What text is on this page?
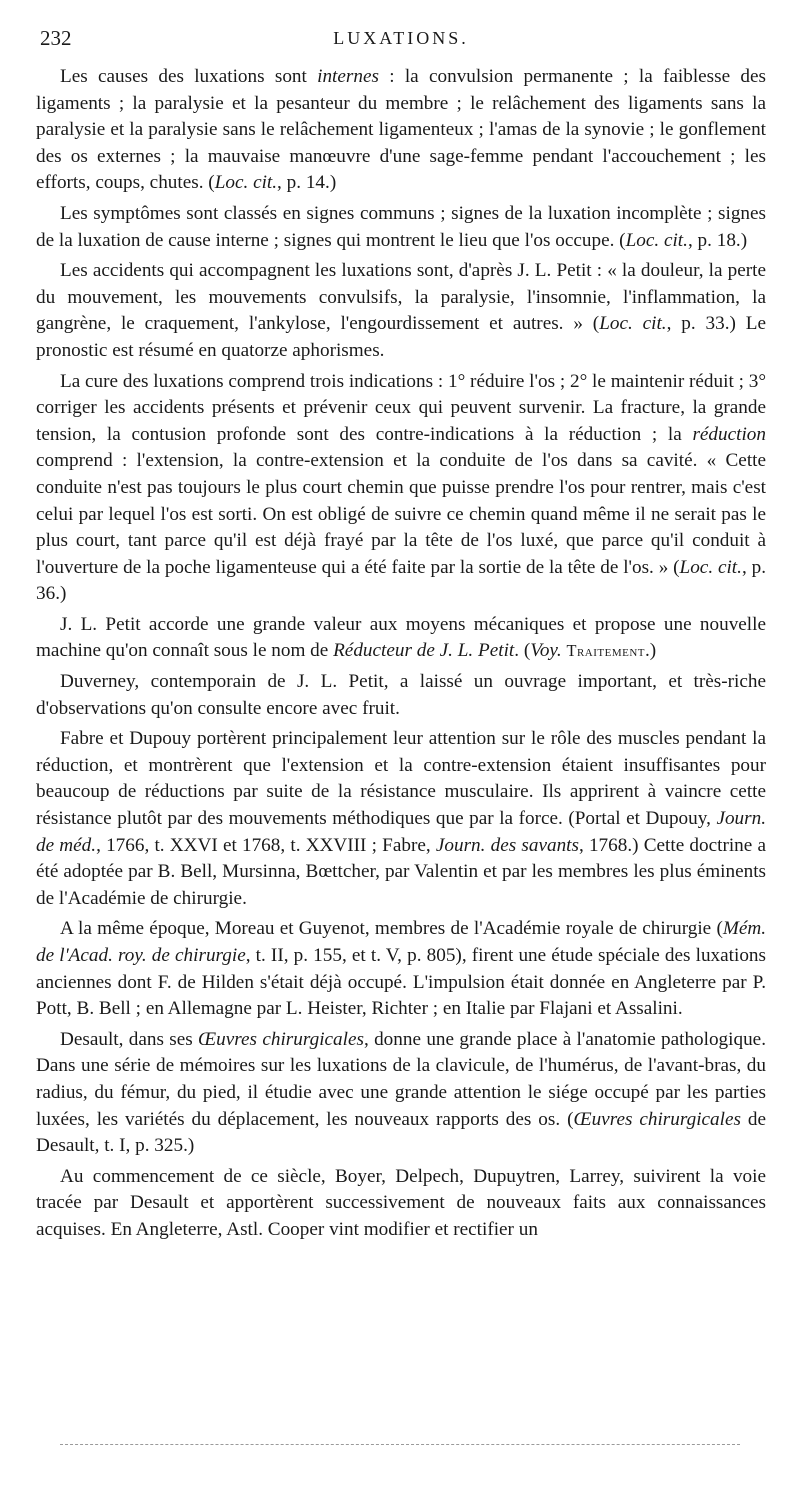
232	LUXATIONS.

Les causes des luxations sont internes : la convulsion permanente ; la faiblesse des ligaments ; la paralysie et la pesanteur du membre ; le relâchement des ligaments sans la paralysie et la paralysie sans le relâchement ligamenteux ; l'amas de la synovie ; le gonflement des os externes ; la mauvaise manœuvre d'une sage-femme pendant l'accouchement ; les efforts, coups, chutes. (Loc. cit., p. 14.)

Les symptômes sont classés en signes communs ; signes de la luxation incomplète ; signes de la luxation de cause interne ; signes qui montrent le lieu que l'os occupe. (Loc. cit., p. 18.)

Les accidents qui accompagnent les luxations sont, d'après J. L. Petit : « la douleur, la perte du mouvement, les mouvements convulsifs, la paralysie, l'insomnie, l'inflammation, la gangrène, le craquement, l'ankylose, l'engourdissement et autres. » (Loc. cit., p. 33.) Le pronostic est résumé en quatorze aphorismes.

La cure des luxations comprend trois indications : 1° réduire l'os ; 2° le maintenir réduit ; 3° corriger les accidents présents et prévenir ceux qui peuvent survenir. La fracture, la grande tension, la contusion profonde sont des contre-indications à la réduction ; la réduction comprend : l'extension, la contre-extension et la conduite de l'os dans sa cavité. « Cette conduite n'est pas toujours le plus court chemin que puisse prendre l'os pour rentrer, mais c'est celui par lequel l'os est sorti. On est obligé de suivre ce chemin quand même il ne serait pas le plus court, tant parce qu'il est déjà frayé par la tête de l'os luxé, que parce qu'il conduit à l'ouverture de la poche ligamenteuse qui a été faite par la sortie de la tête de l'os. » (Loc. cit., p. 36.)

J. L. Petit accorde une grande valeur aux moyens mécaniques et propose une nouvelle machine qu'on connaît sous le nom de Réducteur de J. L. Petit. (Voy. Traitement.)

Duverney, contemporain de J. L. Petit, a laissé un ouvrage important, et très-riche d'observations qu'on consulte encore avec fruit.

Fabre et Dupouy portèrent principalement leur attention sur le rôle des muscles pendant la réduction, et montrèrent que l'extension et la contre-extension étaient insuffisantes pour beaucoup de réductions par suite de la résistance musculaire. Ils apprirent à vaincre cette résistance plutôt par des mouvements méthodiques que par la force. (Portal et Dupouy, Journ. de méd., 1766, t. XXVI et 1768, t. XXVIII ; Fabre, Journ. des savants, 1768.) Cette doctrine a été adoptée par B. Bell, Mursinna, Bœttcher, par Valentin et par les membres les plus éminents de l'Académie de chirurgie.

A la même époque, Moreau et Guyenot, membres de l'Académie royale de chirurgie (Mém. de l'Acad. roy. de chirurgie, t. II, p. 155, et t. V, p. 805), firent une étude spéciale des luxations anciennes dont F. de Hilden s'était déjà occupé. L'impulsion était donnée en Angleterre par P. Pott, B. Bell ; en Allemagne par L. Heister, Richter ; en Italie par Flajani et Assalini.

Desault, dans ses Œuvres chirurgicales, donne une grande place à l'anatomie pathologique. Dans une série de mémoires sur les luxations de la clavicule, de l'humérus, de l'avant-bras, du radius, du fémur, du pied, il étudie avec une grande attention le siége occupé par les parties luxées, les variétés du déplacement, les nouveaux rapports des os. (Œuvres chirurgicales de Desault, t. I, p. 325.)

Au commencement de ce siècle, Boyer, Delpech, Dupuytren, Larrey, suivirent la voie tracée par Desault et apportèrent successivement de nouveaux faits aux connaissances acquises. En Angleterre, Astl. Cooper vint modifier et rectifier un
